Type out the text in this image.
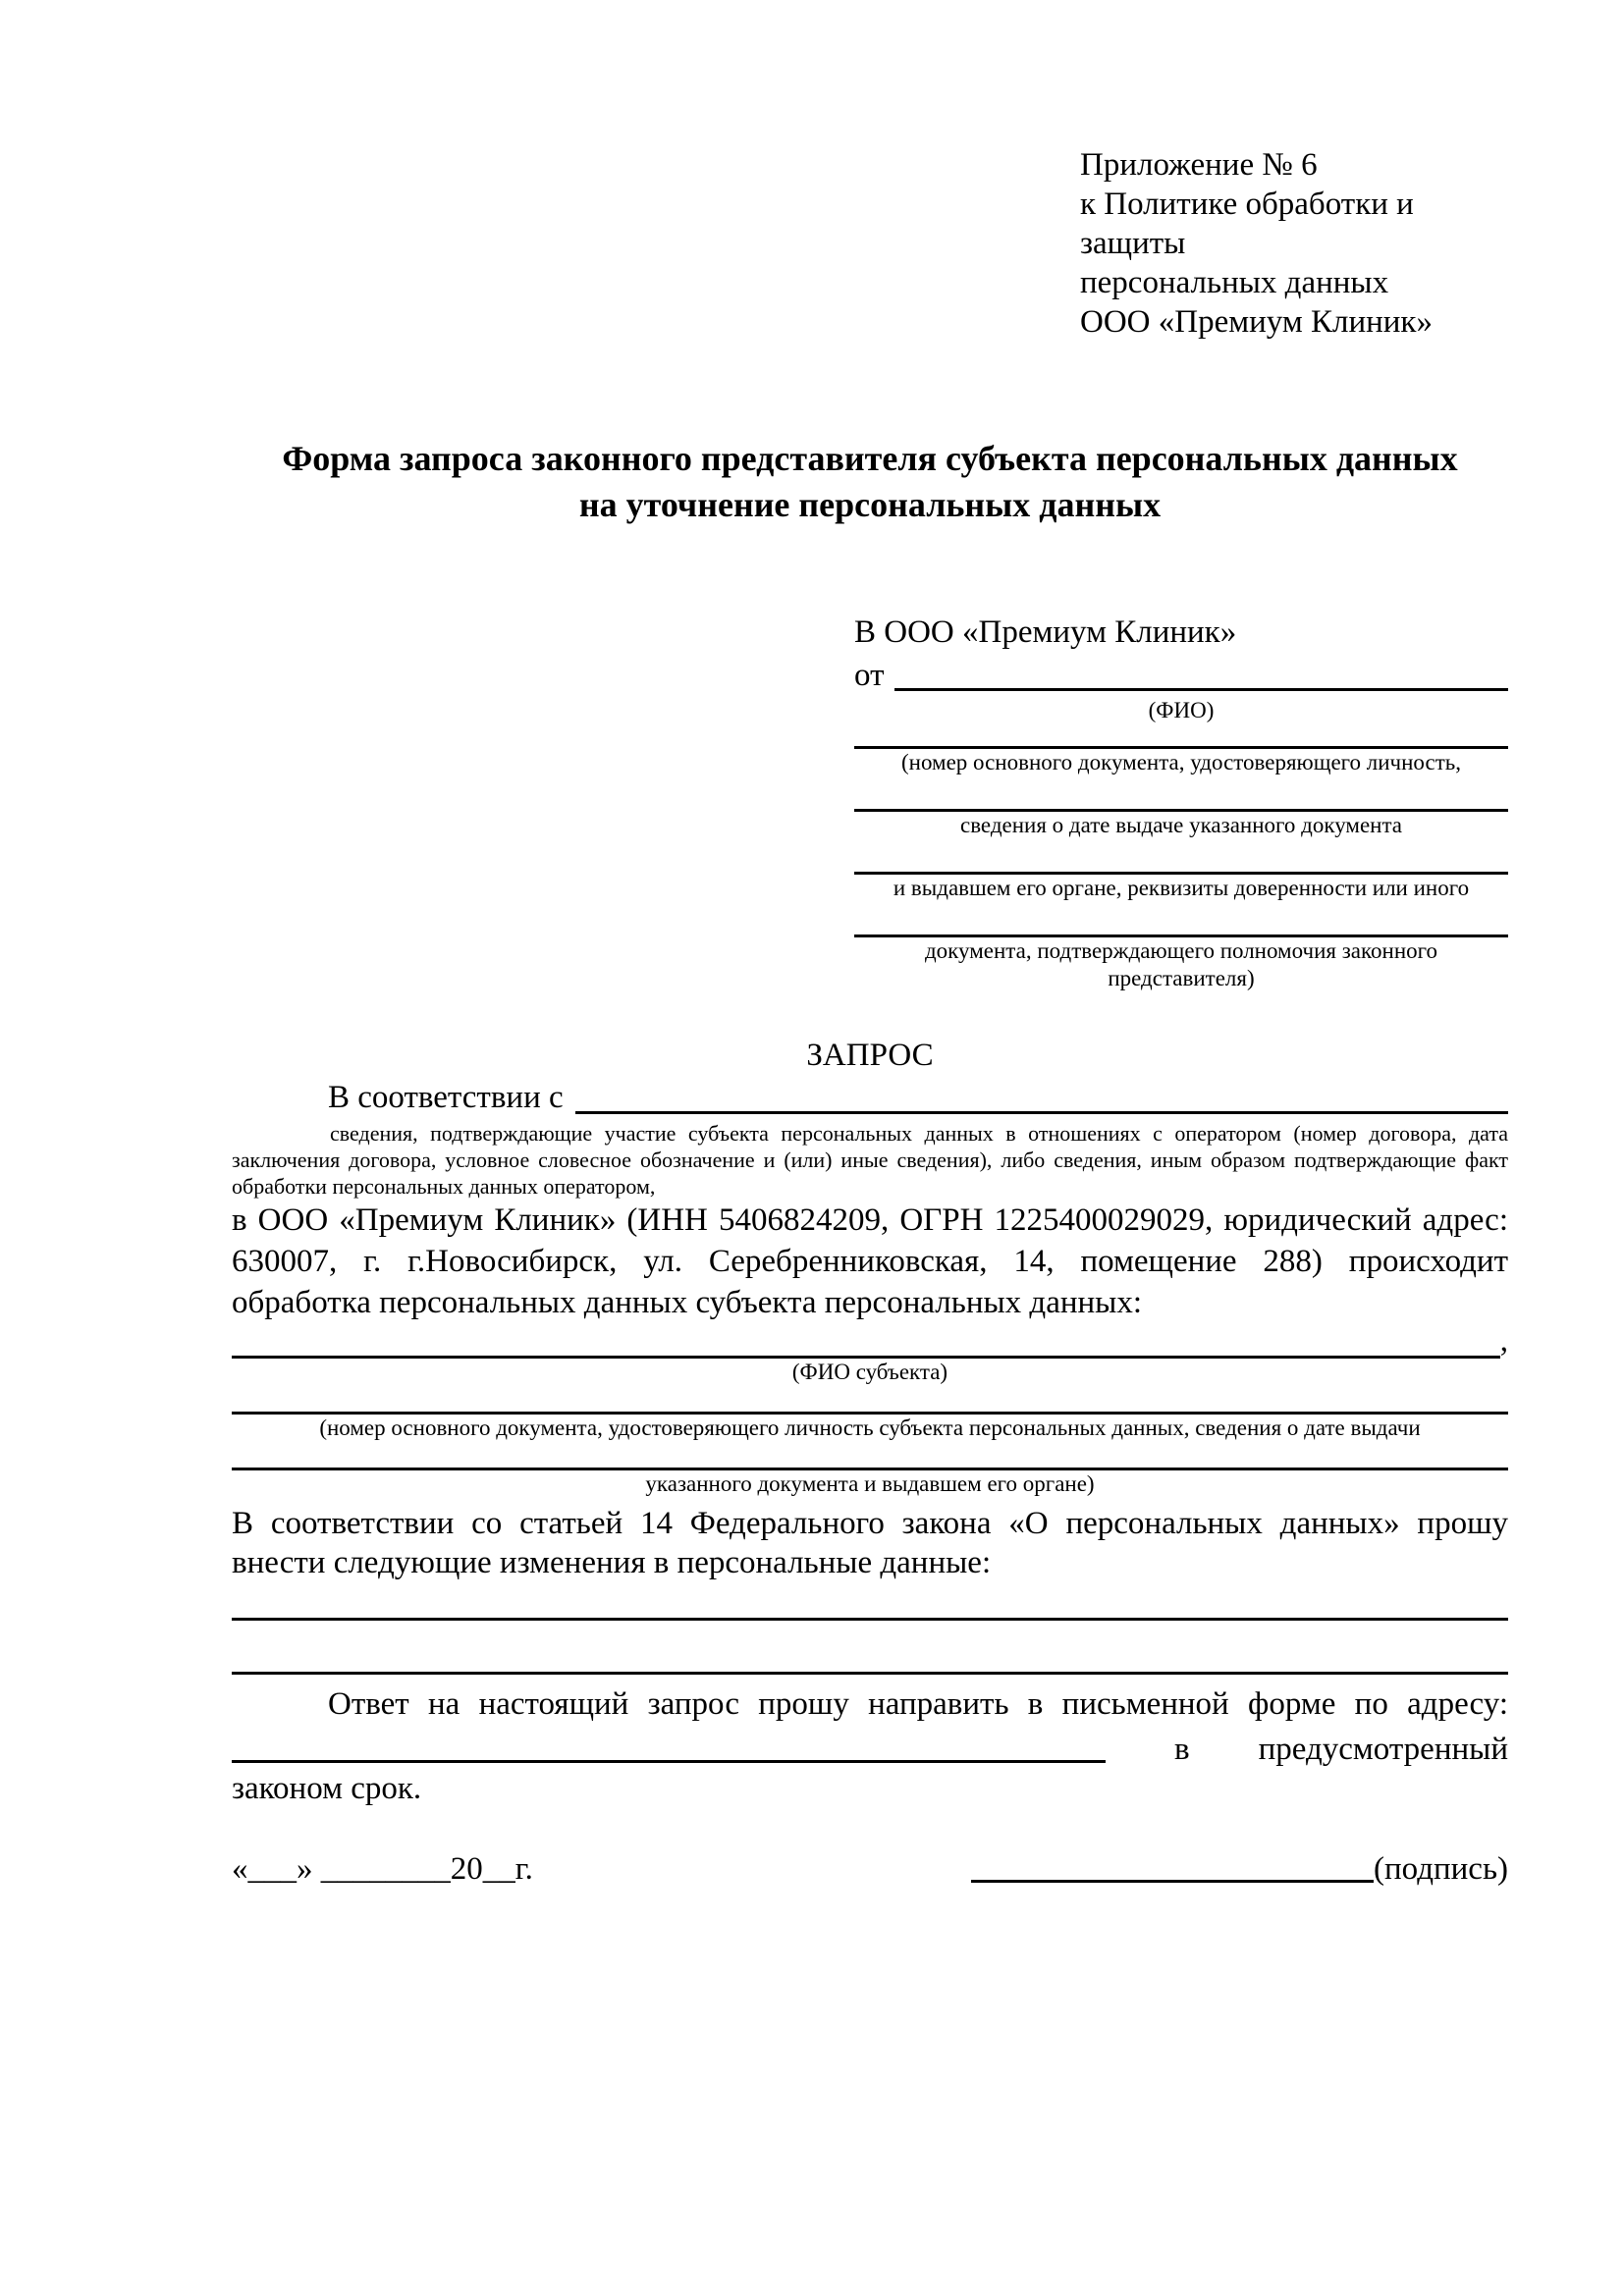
Приложение № 6
к Политике обработки и защиты
персональных данных
ООО «Премиум Клиник»
Форма запроса законного представителя субъекта персональных данных
на уточнение персональных данных
В ООО «Премиум Клиник»
от
(ФИО)
(номер основного документа, удостоверяющего личность,
сведения о дате выдаче указанного документа
и выдавшем его органе, реквизиты доверенности или иного
документа, подтверждающего полномочия законного представителя)
ЗАПРОС
В соответствии с
сведения, подтверждающие участие субъекта персональных данных в отношениях с оператором (номер договора, дата
заключения договора, условное словесное обозначение и (или) иные сведения), либо сведения, иным образом подтверждающие факт
обработки персональных данных оператором,
в ООО «Премиум Клиник» (ИНН 5406824209, ОГРН 1225400029029, юридический адрес:
630007, г. г.Новосибирск, ул. Серебренниковская, 14, помещение 288) происходит
обработка персональных данных субъекта персональных данных:
,
(ФИО субъекта)
(номер основного документа, удостоверяющего личность субъекта персональных данных, сведения о дате выдачи
указанного документа и выдавшем его органе)
В соответствии со статьей 14 Федерального закона «О персональных данных» прошу
внести следующие изменения в персональные данные:
Ответ на настоящий запрос прошу направить в письменной форме по адресу:
в предусмотренный
законом срок.
«___» ________20__г.	(подпись)
